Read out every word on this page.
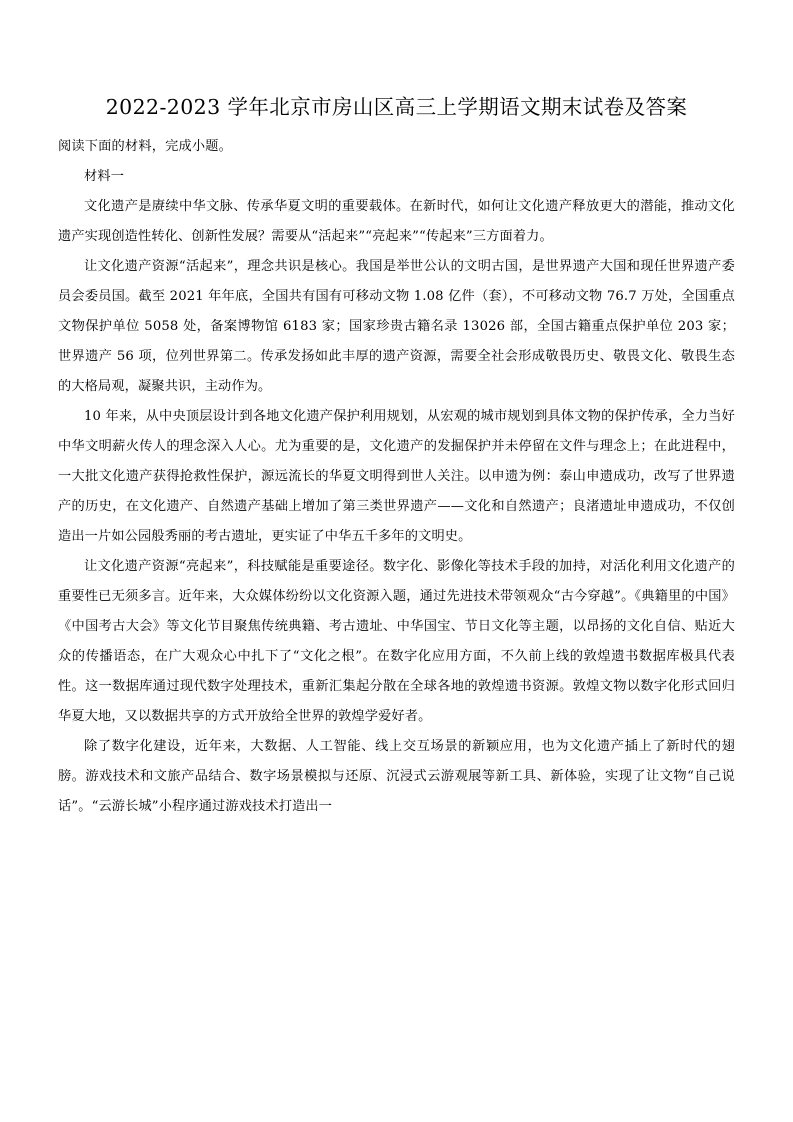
2022-2023 学年北京市房山区高三上学期语文期末试卷及答案

阅读下面的材料，完成小题。

材料一

文化遗产是赓续中华文脉、传承华夏文明的重要载体。在新时代，如何让文化遗产释放更大的潜能，推动文化遗产实现创造性转化、创新性发展？需要从“活起来”“亮起来”“传起来”三方面着力。

让文化遗产资源“活起来”，理念共识是核心。我国是举世公认的文明古国，是世界遗产大国和现任世界遗产委员会委员国。截至 2021 年年底，全国共有国有可移动文物 1.08 亿件（套），不可移动文物 76.7 万处，全国重点文物保护单位 5058 处，备案博物馆 6183 家；国家珍贵古籍名录 13026 部，全国古籍重点保护单位 203 家；世界遗产 56 项，位列世界第二。传承发扬如此丰厚的遗产资源，需要全社会形成敬畏历史、敬畏文化、敬畏生态的大格局观，凝聚共识，主动作为。

10 年来，从中央顶层设计到各地文化遗产保护利用规划，从宏观的城市规划到具体文物的保护传承，全力当好中华文明薪火传人的理念深入人心。尤为重要的是，文化遗产的发掘保护并未停留在文件与理念上；在此进程中，一大批文化遗产获得抢救性保护，源远流长的华夏文明得到世人关注。以申遗为例：泰山申遗成功，改写了世界遗产的历史，在文化遗产、自然遗产基础上增加了第三类世界遗产——文化和自然遗产；良渚遗址申遗成功，不仅创造出一片如公园般秀丽的考古遗址，更实证了中华五千多年的文明史。

让文化遗产资源“亮起来”，科技赋能是重要途径。数字化、影像化等技术手段的加持，对活化利用文化遗产的重要性已无须多言。近年来，大众媒体纷纷以文化资源入题，通过先进技术带领观众“古今穿越”。《典籍里的中国》《中国考古大会》等文化节目聚焦传统典籍、考古遗址、中华国宝、节日文化等主题，以昂扬的文化自信、贴近大众的传播语态，在广大观众心中扎下了“文化之根”。在数字化应用方面，不久前上线的敦煌遗书数据库极具代表性。这一数据库通过现代数字处理技术，重新汇集起分散在全球各地的敦煌遗书资源。敦煌文物以数字化形式回归华夏大地，又以数据共享的方式开放给全世界的敦煌学爱好者。

除了数字化建设，近年来，大数据、人工智能、线上交互场景的新颖应用，也为文化遗产插上了新时代的翅膀。游戏技术和文旅产品结合、数字场景模拟与还原、沉浸式云游观展等新工具、新体验，实现了让文物“自己说话”。“云游长城”小程序通过游戏技术打造出一
